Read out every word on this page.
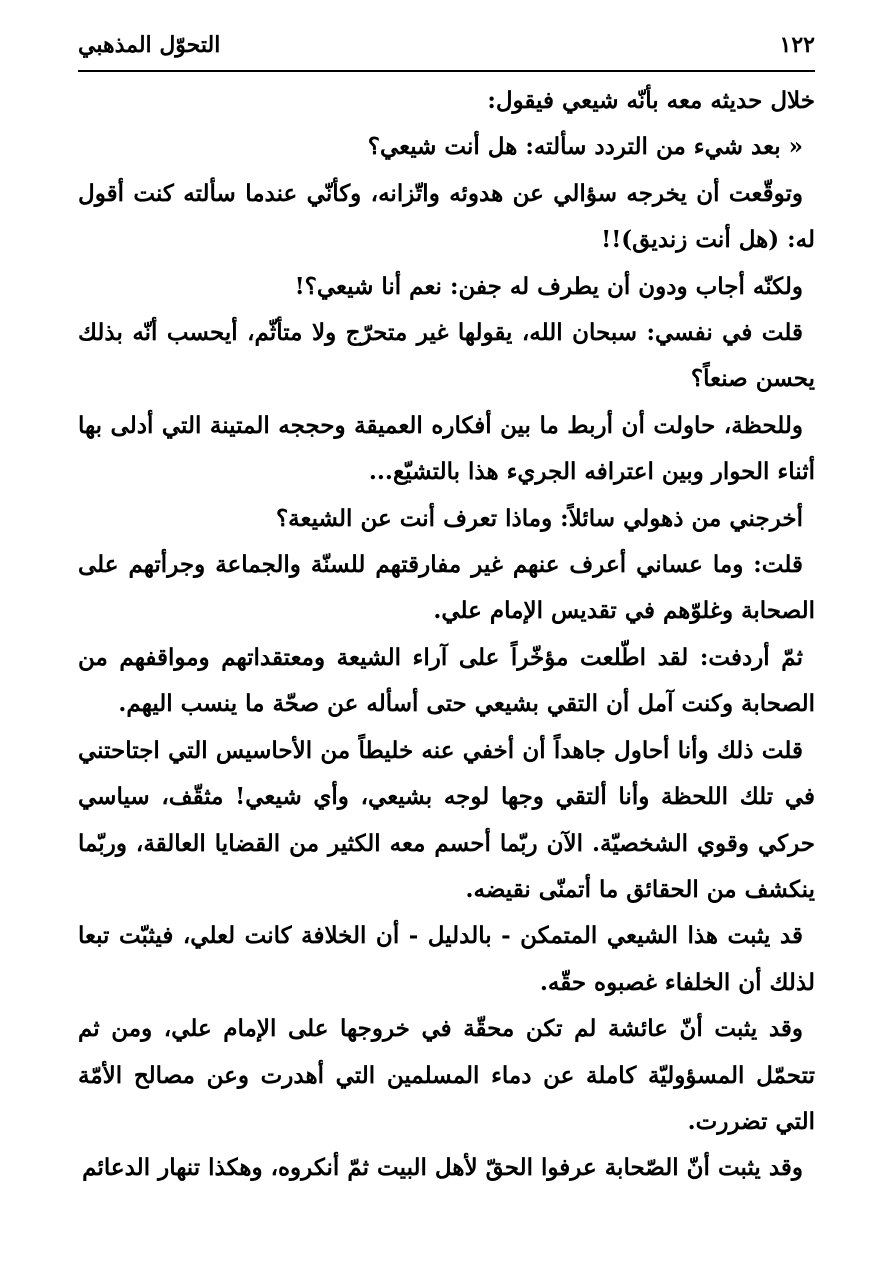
١٢٢
التحوّل المذهبي

خلال حديثه معه بأنّه شيعي فيقول:

« بعد شيء من التردد سألته: هل أنت شيعي؟

وتوقّعت أن يخرجه سؤالي عن هدوئه واتّزانه، وكأنّي عندما سألته كنت أقول له: (هل أنت زنديق)!!

ولكنّه أجاب ودون أن يطرف له جفن: نعم أنا شيعي؟!

قلت في نفسي: سبحان الله، يقولها غير متحرّج ولا متأثّم، أيحسب أنّه بذلك يحسن صنعاً؟

وللحظة، حاولت أن أربط ما بين أفكاره العميقة وحججه المتينة التي أدلى بها أثناء الحوار وبين اعترافه الجريء هذا بالتشيّع...

أخرجني من ذهولي سائلاً: وماذا تعرف أنت عن الشيعة؟

قلت: وما عساني أعرف عنهم غير مفارقتهم للسنّة والجماعة وجرأتهم على الصحابة وغلوّهم في تقديس الإمام علي.

ثمّ أردفت: لقد اطّلعت مؤخّراً على آراء الشيعة ومعتقداتهم ومواقفهم من الصحابة وكنت آمل أن التقي بشيعي حتى أسأله عن صحّة ما ينسب اليهم.

قلت ذلك وأنا أحاول جاهداً أن أخفي عنه خليطاً من الأحاسيس التي اجتاحتني في تلك اللحظة وأنا ألتقي وجها لوجه بشيعي، وأي شيعي! مثقّف، سياسي حركي وقوي الشخصيّة. الآن ربّما أحسم معه الكثير من القضايا العالقة، وربّما ينكشف من الحقائق ما أتمنّى نقيضه.

قد يثبت هذا الشيعي المتمكن - بالدليل - أن الخلافة كانت لعلي، فيثبّت تبعا لذلك أن الخلفاء غصبوه حقّه.

وقد يثبت أنّ عائشة لم تكن محقّة في خروجها على الإمام علي، ومن ثم تتحمّل المسؤوليّة كاملة عن دماء المسلمين التي أهدرت وعن مصالح الأمّة التي تضررت.

وقد يثبت أنّ الصّحابة عرفوا الحقّ لأهل البيت ثمّ أنكروه، وهكذا تنهار الدعائم
